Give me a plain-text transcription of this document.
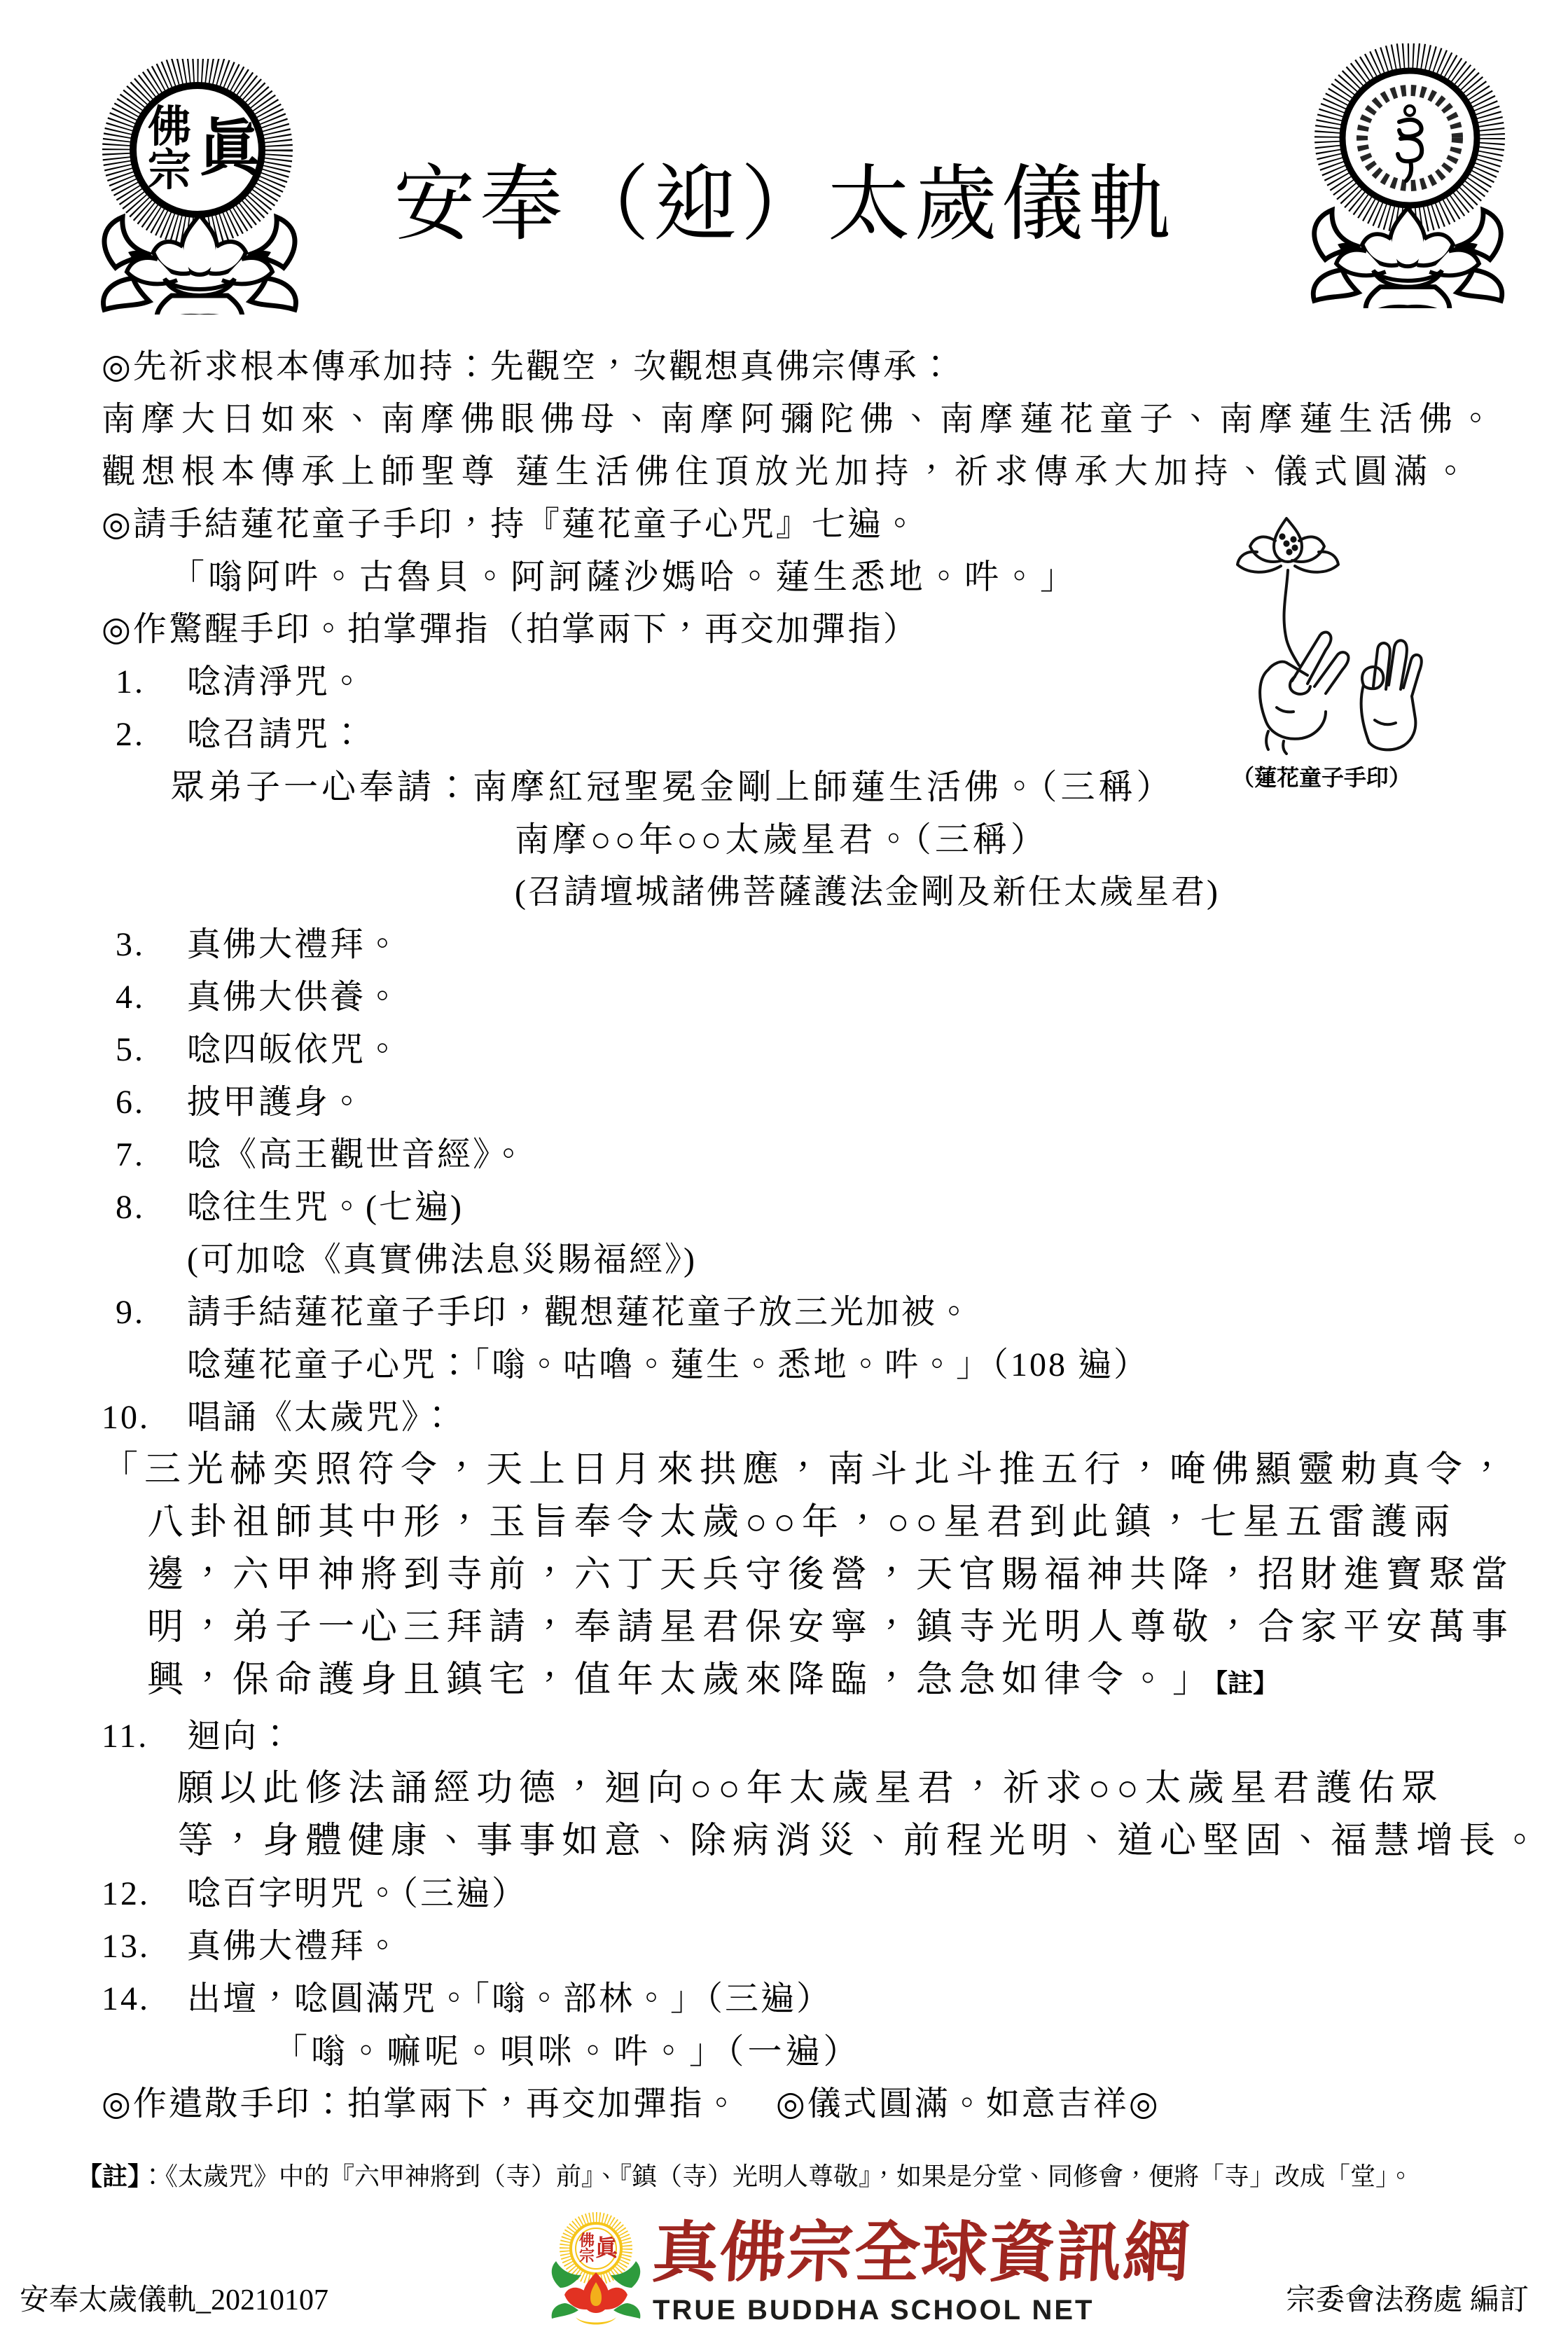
佛
宗 眞
安奉（迎）太歲儀軌
（蓮花童子手印）
◎先祈求根本傳承加持：先觀空，次觀想真佛宗傳承：
南摩大日如來、南摩佛眼佛母、南摩阿彌陀佛、南摩蓮花童子、南摩蓮生活佛。
觀想根本傳承上師聖尊 蓮生活佛住頂放光加持，祈求傳承大加持、儀式圓滿。
◎請手結蓮花童子手印，持『蓮花童子心咒』七遍。
「嗡阿吽。古魯貝。阿訶薩沙媽哈。蓮生悉地。吽。」
◎作驚醒手印。拍掌彈指（拍掌兩下，再交加彈指）
1. 唸清淨咒。
2. 唸召請咒：
眾弟子一心奉請：南摩紅冠聖冕金剛上師蓮生活佛。（三稱）
南摩○○年○○太歲星君。（三稱）
(召請壇城諸佛菩薩護法金剛及新任太歲星君)
3. 真佛大禮拜。
4. 真佛大供養。
5. 唸四皈依咒。
6. 披甲護身。
7. 唸《高王觀世音經》。
8. 唸往生咒。(七遍)
(可加唸《真實佛法息災賜福經》)
9. 請手結蓮花童子手印，觀想蓮花童子放三光加被。
唸蓮花童子心咒：「嗡。咕嚕。蓮生。悉地。吽。」（108 遍）
10. 唱誦《太歲咒》：
「三光赫奕照符令，天上日月來拱應，南斗北斗推五行，唵佛顯靈勅真令，
八卦祖師其中形，玉旨奉令太歲○○年，○○星君到此鎮，七星五雷護兩
邊，六甲神將到寺前，六丁天兵守後營，天官賜福神共降，招財進寶聚當
明，弟子一心三拜請，奉請星君保安寧，鎮寺光明人尊敬，合家平安萬事
興，保命護身且鎮宅，值年太歲來降臨，急急如律令。」【註】
11. 迴向：
願以此修法誦經功德，迴向○○年太歲星君，祈求○○太歲星君護佑眾
等，身體健康、事事如意、除病消災、前程光明、道心堅固、福慧增長。
12. 唸百字明咒。（三遍）
13. 真佛大禮拜。
14. 出壇，唸圓滿咒。「嗡。部林。」（三遍）
「嗡。嘛呢。唄咪。吽。」（一遍）
◎作遣散手印：拍掌兩下，再交加彈指。　◎儀式圓滿。如意吉祥◎
【註】：《太歲咒》中的『六甲神將到（寺）前』、『鎮（寺）光明人尊敬』，如果是分堂、同修會，便將「寺」改成「堂」。
安奉太歲儀軌_20210107
佛
宗 眞 真佛宗全球資訊網
TRUE BUDDHA SCHOOL NET	宗委會法務處 編訂
